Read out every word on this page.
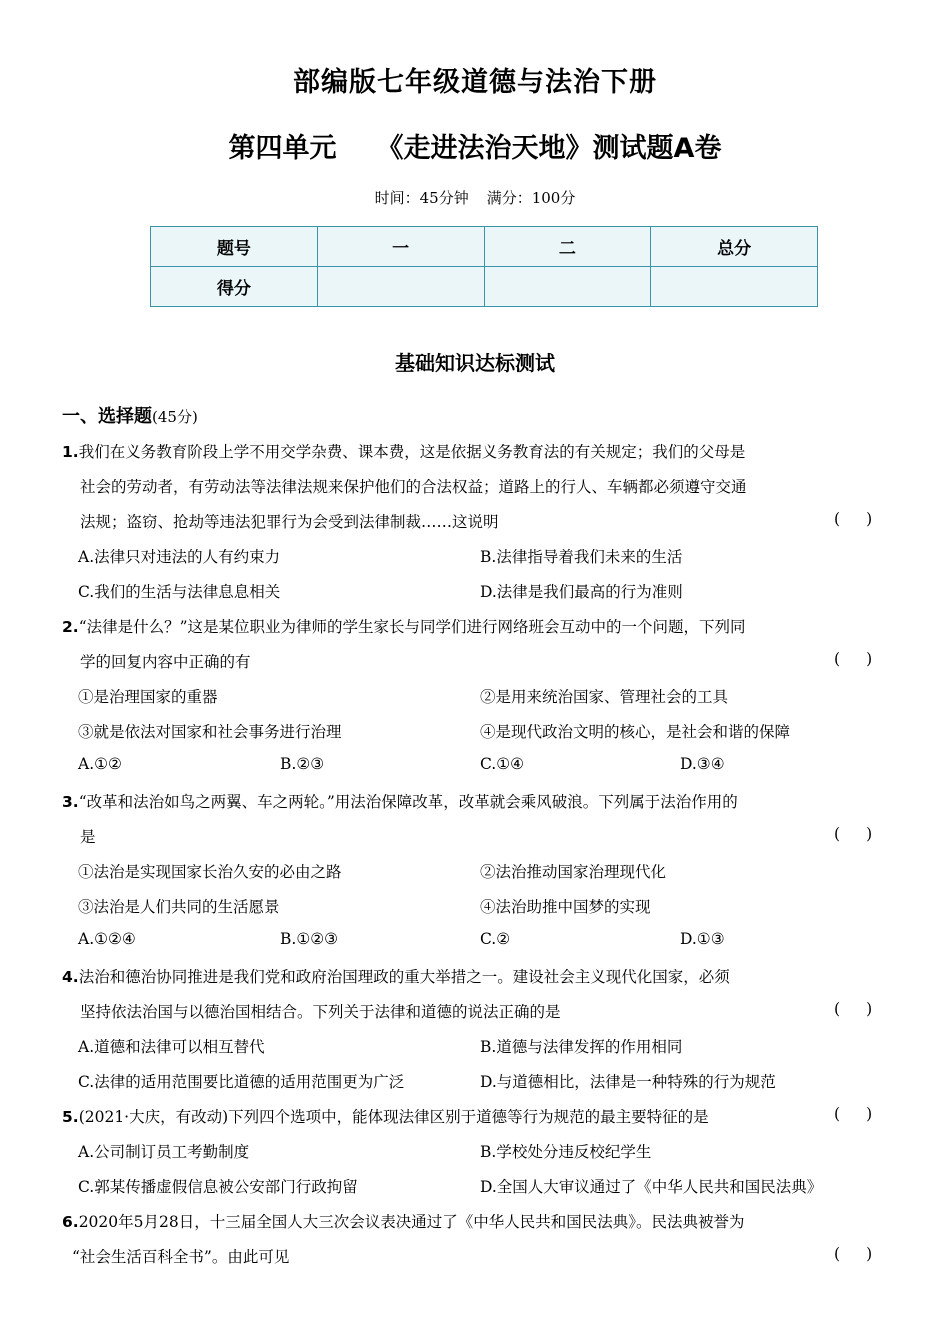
部编版七年级道德与法治下册
第四单元 《走进法治天地》测试题A卷
时间：45分钟 满分：100分
题号	一	二	总分
得分			
基础知识达标测试
一、选择题(45分)
1.我们在义务教育阶段上学不用交学杂费、课本费，这是依据义务教育法的有关规定；我们的父母是
社会的劳动者，有劳动法等法律法规来保护他们的合法权益；道路上的行人、车辆都必须遵守交通
法规；盗窃、抢劫等违法犯罪行为会受到法律制裁……这说明	( )
A.法律只对违法的人有约束力	B.法律指导着我们未来的生活
C.我们的生活与法律息息相关	D.法律是我们最高的行为准则
2.“法律是什么？”这是某位职业为律师的学生家长与同学们进行网络班会互动中的一个问题，下列同
学的回复内容中正确的有	( )
①是治理国家的重器	②是用来统治国家、管理社会的工具
③就是依法对国家和社会事务进行治理	④是现代政治文明的核心，是社会和谐的保障
A.①②	B.②③	C.①④	D.③④
3.“改革和法治如鸟之两翼、车之两轮。”用法治保障改革，改革就会乘风破浪。下列属于法治作用的
是	( )
①法治是实现国家长治久安的必由之路	②法治推动国家治理现代化
③法治是人们共同的生活愿景	④法治助推中国梦的实现
A.①②④	B.①②③	C.②	D.①③
4.法治和德治协同推进是我们党和政府治国理政的重大举措之一。建设社会主义现代化国家，必须
坚持依法治国与以德治国相结合。下列关于法律和道德的说法正确的是	( )
A.道德和法律可以相互替代	B.道德与法律发挥的作用相同
C.法律的适用范围要比道德的适用范围更为广泛	D.与道德相比，法律是一种特殊的行为规范
5.(2021·大庆，有改动)下列四个选项中，能体现法律区别于道德等行为规范的最主要特征的是	( )
A.公司制订员工考勤制度	B.学校处分违反校纪学生
C.郭某传播虚假信息被公安部门行政拘留	D.全国人大审议通过了《中华人民共和国民法典》
6.2020年5月28日，十三届全国人大三次会议表决通过了《中华人民共和国民法典》。民法典被誉为
“社会生活百科全书”。由此可见	( )
